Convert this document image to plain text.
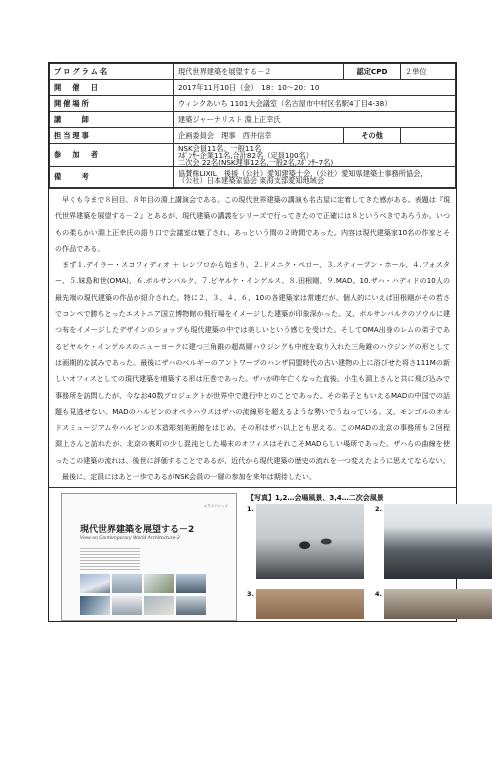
プログラム名	現代世界建築を展望する－２	認定CPD	２単位
開　催　日	2017年11月10日（金）　18：10～20：10		
開催場所	ウィンクあいち 1101大会議室（名古屋市中村区名駅4丁目4-38）		
講　　師	建築ジャーナリスト 淵上正幸氏		
担当理事	企画委員会　理事　西井信幸	その他	
参　加　者	NSK会員11名、一般11名
ｽﾎﾟﾝｻｰ企業11名,合計82名（定員100名）
二次会 22名(NSK理事12名,一般2名,ｽﾎﾟﾝｻｰ7名)		
備　　考	協賛株LIXIL　後援（公社）愛知建築士会,（公社）愛知県建築士事務所協会,
（公社）日本建築家協会 東海支部愛知地域会		

　早くも今まで８回目、８年目の淵上講演会である。この現代世界建築の講演も名古屋に定着してきた感がある。表題は『現代世界建築を展望する－２』とあるが、現代建築の講義をシリーズで行ってきたので正確には８というべきであろうか。いつもの柔らかい淵上正幸氏の語り口で会議室は魅了され、あっという間の２時間であった。内容は現代建築家10名の作家とその作品である。

　まず１.デイラー・スコフィディオ ＋ レンフロから始まり、２.ドメニク・ペロー、３.スティーブン・ホール、４.フォスター、５.妹島和世(OMA)、６.ボルサンバルク、７.ビヤルケ・インゲルス、８.田根剛、９.MAD、10.ザハ・ハディドの10人の最先端の現代建築の作品が紹介された。特に２、３、４、６、10の各建築家は常連だが、個人的にいえば田根剛がその若さでコンペで勝ちとったエストニア国立博物館の飛行場をイメージした建築が印象深かった。又、ボルサンバルクのソウルに建つ布をイメージしたデザインのショップも現代建築の中では美しいという感じを受けた。そしてOMA出身のレムの弟子であるビヤルケ・インゲルスのニューヨークに建つ三角錐の超高層ハウジングも中庭を取り入れた三角錐のハウジングの形としては画期的な試みであった。最後にザハのベルギーのアントワープのハンザ同盟時代の古い建物の上に浴びせた将さ111Mの新しいオフィスとしての現代建築を増築する形は圧巻であった。ザハが昨年亡くなった直後、小生も淵上さんと共に飛び込みで事務所を訪問したが、今なお40数プロジェクトが世界中で進行中とのことであった。その弟子ともいえるMADの中国での話題も見逃せない。MADのハルビンのオペラハウスはザハの流線形を超えるような勢いでうねっている。又、モンゴルのオルドスミュージアムやハルビンの木造彫刻美術館をはじめ、その形はザハ以上とも思える。このMADの北京の事務所も２回程淵上さんと訪れたが、北京の裏町の少し混沌とした場末のオフィスはそれこそMADらしい場所であった。ザハらの曲線を使ったこの建築の流れは、後世に評価することであるが、近代から現代建築の歴史の流れを一つ変えたように思えてならない。

　最後に、定員にはあと一歩であるがNSK会員の一層の参加を来年は期待したい。

エクスナレッジ
現代世界建築を展望する－2
View on Contemporary World Architecture-2
【写真】1,2…会場風景、3,4…二次会風景
1.	2.
3.	4.
